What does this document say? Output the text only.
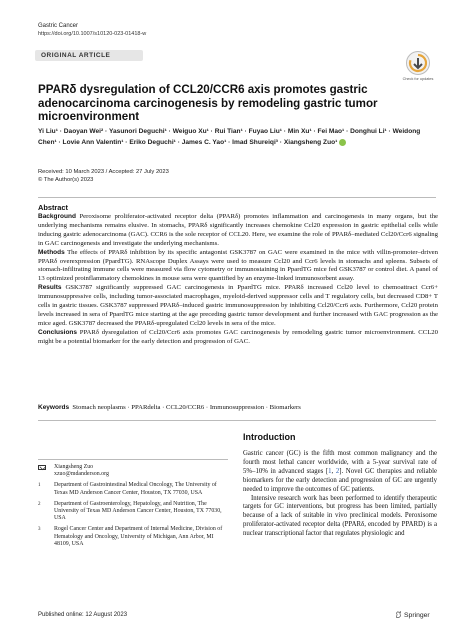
Gastric Cancer
https://doi.org/10.1007/s10120-023-01418-w
ORIGINAL ARTICLE
Check for updates
PPARδ dysregulation of CCL20/CCR6 axis promotes gastric adenocarcinoma carcinogenesis by remodeling gastric tumor microenvironment
Yi Liu¹ · Daoyan Wei² · Yasunori Deguchi¹ · Weiguo Xu¹ · Rui Tian¹ · Fuyao Liu¹ · Min Xu¹ · Fei Mao¹ · Donghui Li¹ · Weidong Chen¹ · Lovie Ann Valentin¹ · Eriko Deguchi¹ · James C. Yao¹ · Imad Shureiqi³ · Xiangsheng Zuo¹
Received: 10 March 2023 / Accepted: 27 July 2023
© The Author(s) 2023
Abstract

Background Peroxisome proliferator-activated receptor delta (PPARδ) promotes inflammation and carcinogenesis in many organs, but the underlying mechanisms remains elusive. In stomachs, PPARδ significantly increases chemokine Ccl20 expression in gastric epithelial cells while inducing gastric adenocarcinoma (GAC). CCR6 is the sole receptor of CCL20. Here, we examine the role of PPARδ–mediated Ccl20/Ccr6 signaling in GAC carcinogenesis and investigate the underlying mechanisms.

Methods The effects of PPARδ inhibition by its specific antagonist GSK3787 on GAC were examined in the mice with villin-promoter–driven PPARδ overexpression (PpardTG). RNAscope Duplex Assays were used to measure Ccl20 and Ccr6 levels in stomachs and spleens. Subsets of stomach-infiltrating immune cells were measured via flow cytometry or immunostaining in PpardTG mice fed GSK3787 or control diet. A panel of 13 optimized proinflammatory chemokines in mouse sera were quantified by an enzyme-linked immunosorbent assay.

Results GSK3787 significantly suppressed GAC carcinogenesis in PpardTG mice. PPARδ increased Ccl20 level to chemoattract Ccr6+ immunosuppressive cells, including tumor-associated macrophages, myeloid-derived suppressor cells and T regulatory cells, but decreased CD8+ T cells in gastric tissues. GSK3787 suppressed PPARδ–induced gastric immunosuppression by inhibiting Ccl20/Ccr6 axis. Furthermore, Ccl20 protein levels increased in sera of PpardTG mice starting at the age preceding gastric tumor development and further increased with GAC progression as the mice aged. GSK3787 decreased the PPARδ-upregulated Ccl20 levels in sera of the mice.

Conclusions PPARδ dysregulation of Ccl20/Ccr6 axis promotes GAC carcinogenesis by remodeling gastric tumor microenvironment. CCL20 might be a potential biomarker for the early detection and progression of GAC.

Keywords Stomach neoplasms · PPARdelta · CCL20/CCR6 · Immunosuppression · Biomarkers
Xiangsheng Zuo
xzuo@mdanderson.org
1 Department of Gastrointestinal Medical Oncology, The University of Texas MD Anderson Cancer Center, Houston, TX 77030, USA
2 Department of Gastroenterology, Hepatology, and Nutrition, The University of Texas MD Anderson Cancer Center, Houston, TX 77030, USA
3 Rogel Cancer Center and Department of Internal Medicine, Division of Hematology and Oncology, University of Michigan, Ann Arbor, MI 48109, USA
Introduction

Gastric cancer (GC) is the fifth most common malignancy and the fourth most lethal cancer worldwide, with a 5-year survival rate of 5%–10% in advanced stages [1, 2]. Novel GC therapies and reliable biomarkers for the early detection and progression of GC are urgently needed to improve the outcomes of GC patients.

Intensive research work has been performed to identify therapeutic targets for GC interventions, but progress has been limited, partially because of a lack of suitable in vivo preclinical models. Peroxisome proliferator-activated receptor delta (PPARδ, encoded by PPARD) is a nuclear transcriptional factor that regulates physiologic and

Published online: 12 August 2023	Springer
